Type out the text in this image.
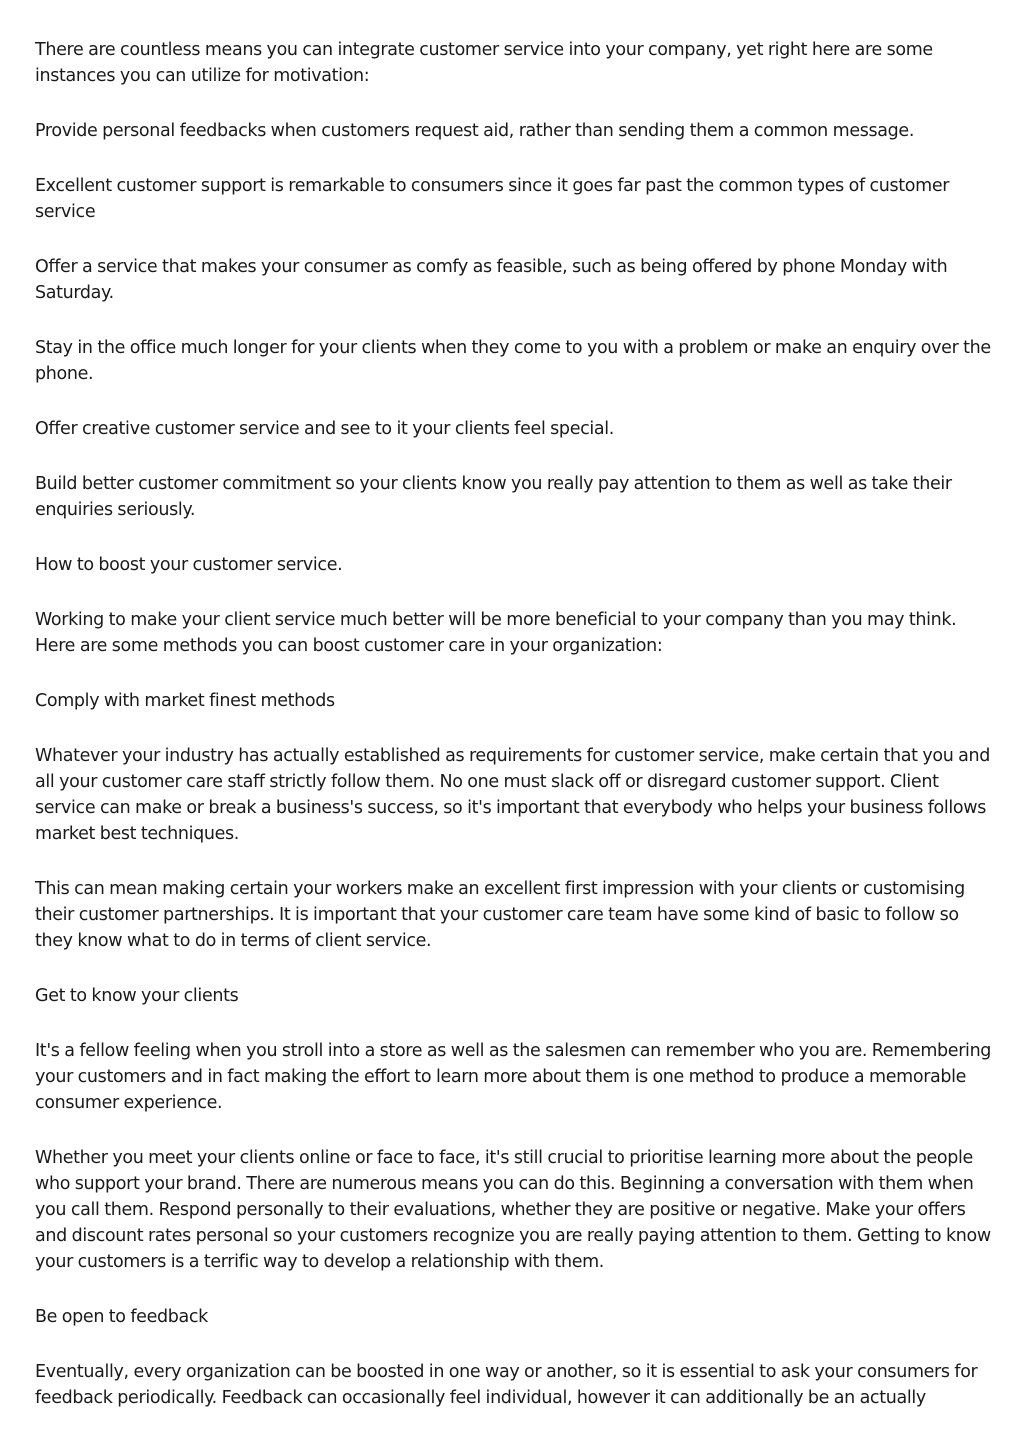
There are countless means you can integrate customer service into your company, yet right here are some instances you can utilize for motivation:

Provide personal feedbacks when customers request aid, rather than sending them a common message.

Excellent customer support is remarkable to consumers since it goes far past the common types of customer service

Offer a service that makes your consumer as comfy as feasible, such as being offered by phone Monday with Saturday.

Stay in the office much longer for your clients when they come to you with a problem or make an enquiry over the phone.

Offer creative customer service and see to it your clients feel special.

Build better customer commitment so your clients know you really pay attention to them as well as take their enquiries seriously.

How to boost your customer service.

Working to make your client service much better will be more beneficial to your company than you may think. Here are some methods you can boost customer care in your organization:

Comply with market finest methods

Whatever your industry has actually established as requirements for customer service, make certain that you and all your customer care staff strictly follow them. No one must slack off or disregard customer support. Client service can make or break a business's success, so it's important that everybody who helps your business follows market best techniques.

This can mean making certain your workers make an excellent first impression with your clients or customising their customer partnerships. It is important that your customer care team have some kind of basic to follow so they know what to do in terms of client service.

Get to know your clients

It's a fellow feeling when you stroll into a store as well as the salesmen can remember who you are. Remembering your customers and in fact making the effort to learn more about them is one method to produce a memorable consumer experience.

Whether you meet your clients online or face to face, it's still crucial to prioritise learning more about the people who support your brand. There are numerous means you can do this. Beginning a conversation with them when you call them. Respond personally to their evaluations, whether they are positive or negative. Make your offers and discount rates personal so your customers recognize you are really paying attention to them. Getting to know your customers is a terrific way to develop a relationship with them.

Be open to feedback

Eventually, every organization can be boosted in one way or another, so it is essential to ask your consumers for feedback periodically. Feedback can occasionally feel individual, however it can additionally be an actually
